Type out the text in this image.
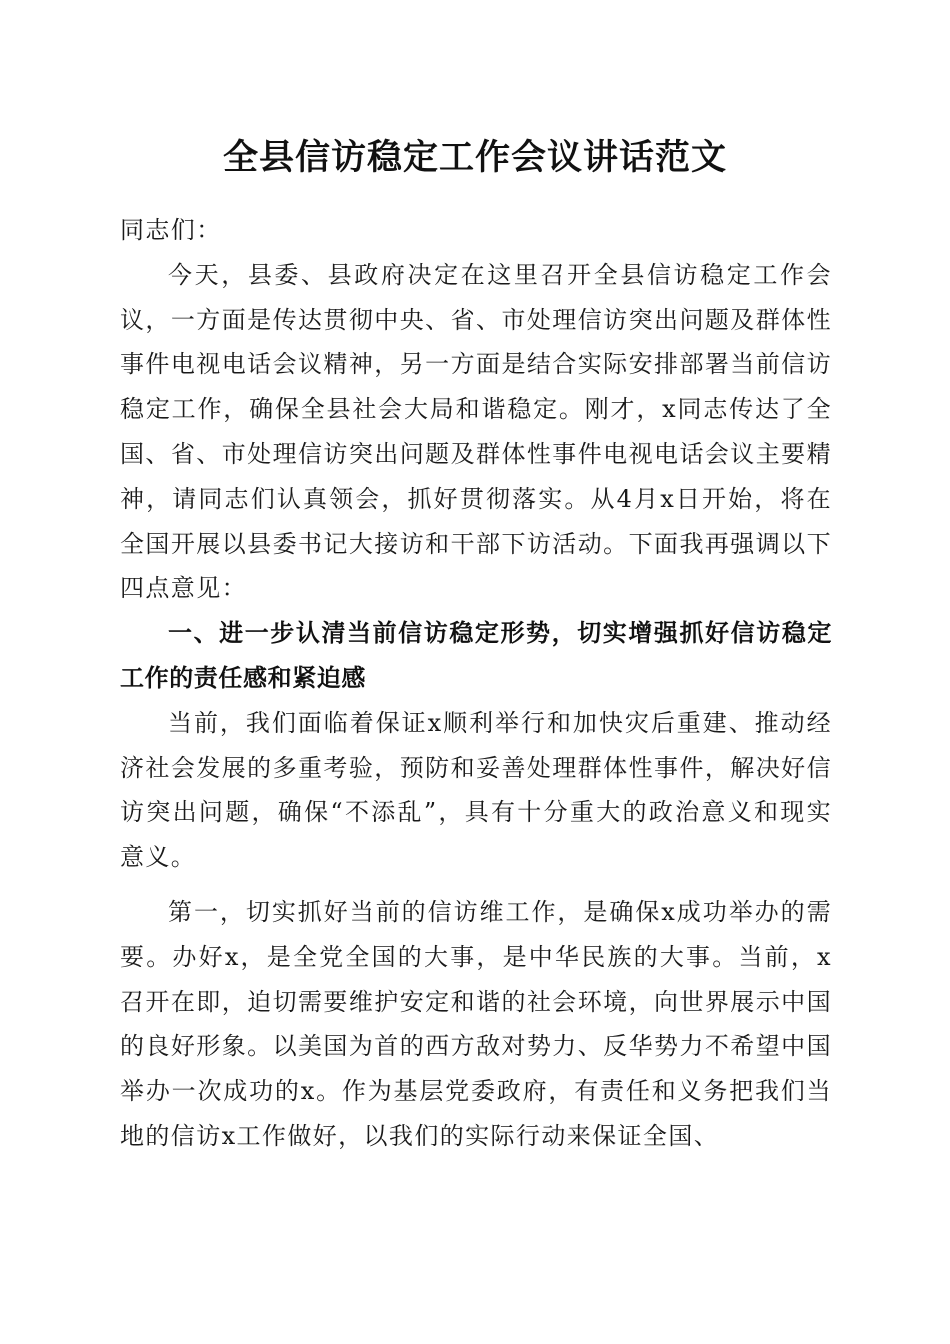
全县信访稳定工作会议讲话范文

同志们：

今天，县委、县政府决定在这里召开全县信访稳定工作会议，一方面是传达贯彻中央、省、市处理信访突出问题及群体性事件电视电话会议精神，另一方面是结合实际安排部署当前信访稳定工作，确保全县社会大局和谐稳定。刚才，x同志传达了全国、省、市处理信访突出问题及群体性事件电视电话会议主要精神，请同志们认真领会，抓好贯彻落实。从4月x日开始，将在全国开展以县委书记大接访和干部下访活动。下面我再强调以下四点意见：

一、进一步认清当前信访稳定形势，切实增强抓好信访稳定工作的责任感和紧迫感

当前，我们面临着保证x顺利举行和加快灾后重建、推动经济社会发展的多重考验，预防和妥善处理群体性事件，解决好信访突出问题，确保“不添乱”，具有十分重大的政治意义和现实意义。

第一，切实抓好当前的信访维工作，是确保x成功举办的需要。办好x，是全党全国的大事，是中华民族的大事。当前，x召开在即，迫切需要维护安定和谐的社会环境，向世界展示中国的良好形象。以美国为首的西方敌对势力、反华势力不希望中国举办一次成功的x。作为基层党委政府，有责任和义务把我们当地的信访x工作做好，以我们的实际行动来保证全国、
